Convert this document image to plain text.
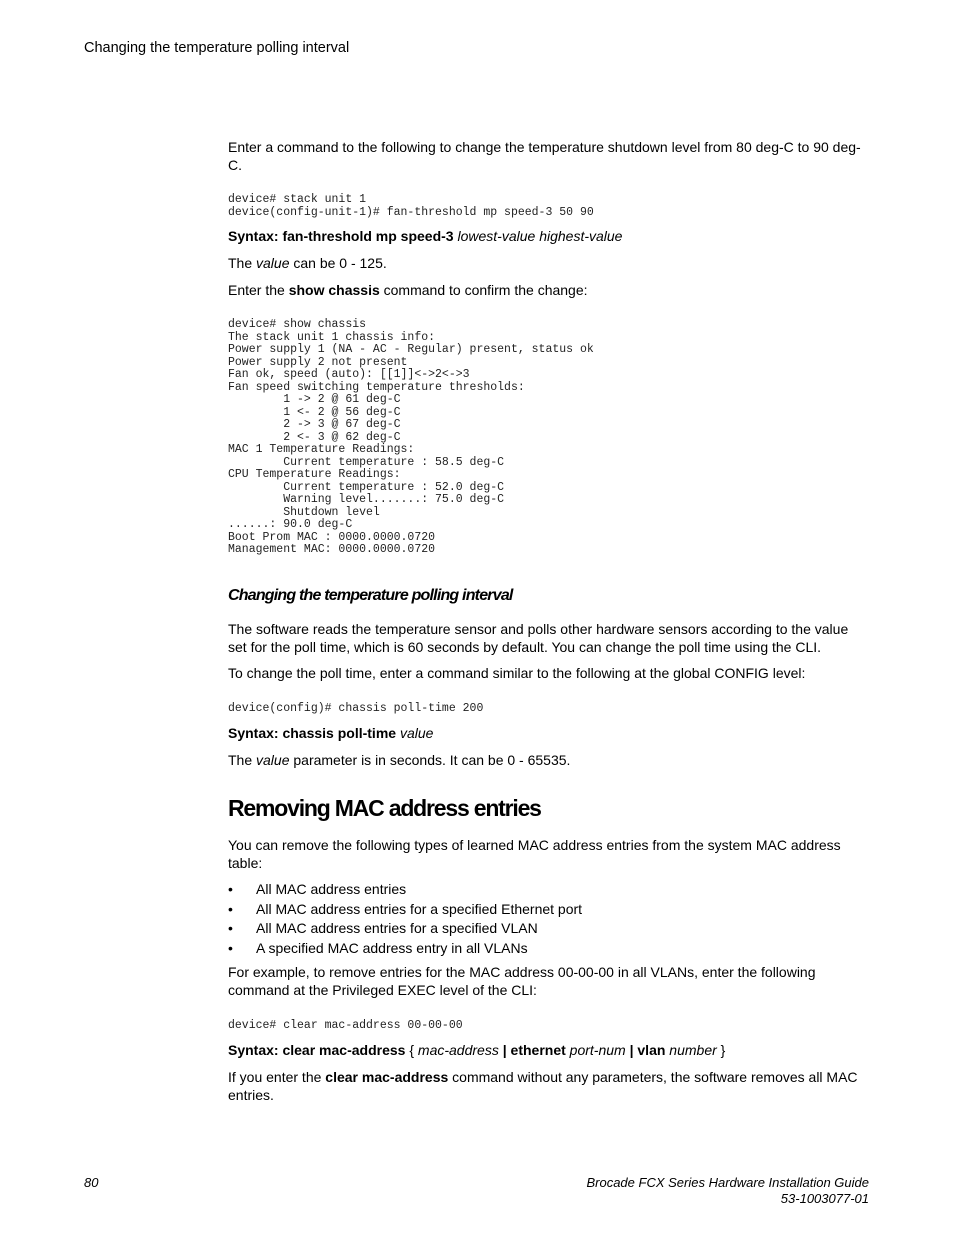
Changing the temperature polling interval

Enter a command to the following to change the temperature shutdown level from 80 deg-C to 90 deg-C.

device# stack unit 1
device(config-unit-1)# fan-threshold mp speed-3 50 90

Syntax: fan-threshold mp speed-3 lowest-value highest-value

The value can be 0 - 125.

Enter the show chassis command to confirm the change:

device# show chassis
The stack unit 1 chassis info:
Power supply 1 (NA - AC - Regular) present, status ok
Power supply 2 not present
Fan ok, speed (auto): [[1]]<->2<->3
Fan speed switching temperature thresholds:
1 -> 2 @ 61 deg-C
1 <- 2 @ 56 deg-C
2 -> 3 @ 67 deg-C
2 <- 3 @ 62 deg-C
MAC 1 Temperature Readings:
Current temperature : 58.5 deg-C
CPU Temperature Readings:
Current temperature : 52.0 deg-C
Warning level.......: 75.0 deg-C
Shutdown level
......: 90.0 deg-C
Boot Prom MAC : 0000.0000.0720
Management MAC: 0000.0000.0720

Changing the temperature polling interval

The software reads the temperature sensor and polls other hardware sensors according to the value set for the poll time, which is 60 seconds by default. You can change the poll time using the CLI.

To change the poll time, enter a command similar to the following at the global CONFIG level:

device(config)# chassis poll-time 200

Syntax: chassis poll-time value

The value parameter is in seconds. It can be 0 - 65535.

Removing MAC address entries

You can remove the following types of learned MAC address entries from the system MAC address table:

• All MAC address entries
• All MAC address entries for a specified Ethernet port
• All MAC address entries for a specified VLAN
• A specified MAC address entry in all VLANs

For example, to remove entries for the MAC address 00-00-00 in all VLANs, enter the following command at the Privileged EXEC level of the CLI:

device# clear mac-address 00-00-00

Syntax: clear mac-address { mac-address | ethernet port-num | vlan number }

If you enter the clear mac-address command without any parameters, the software removes all MAC entries.

80	Brocade FCX Series Hardware Installation Guide
53-1003077-01
